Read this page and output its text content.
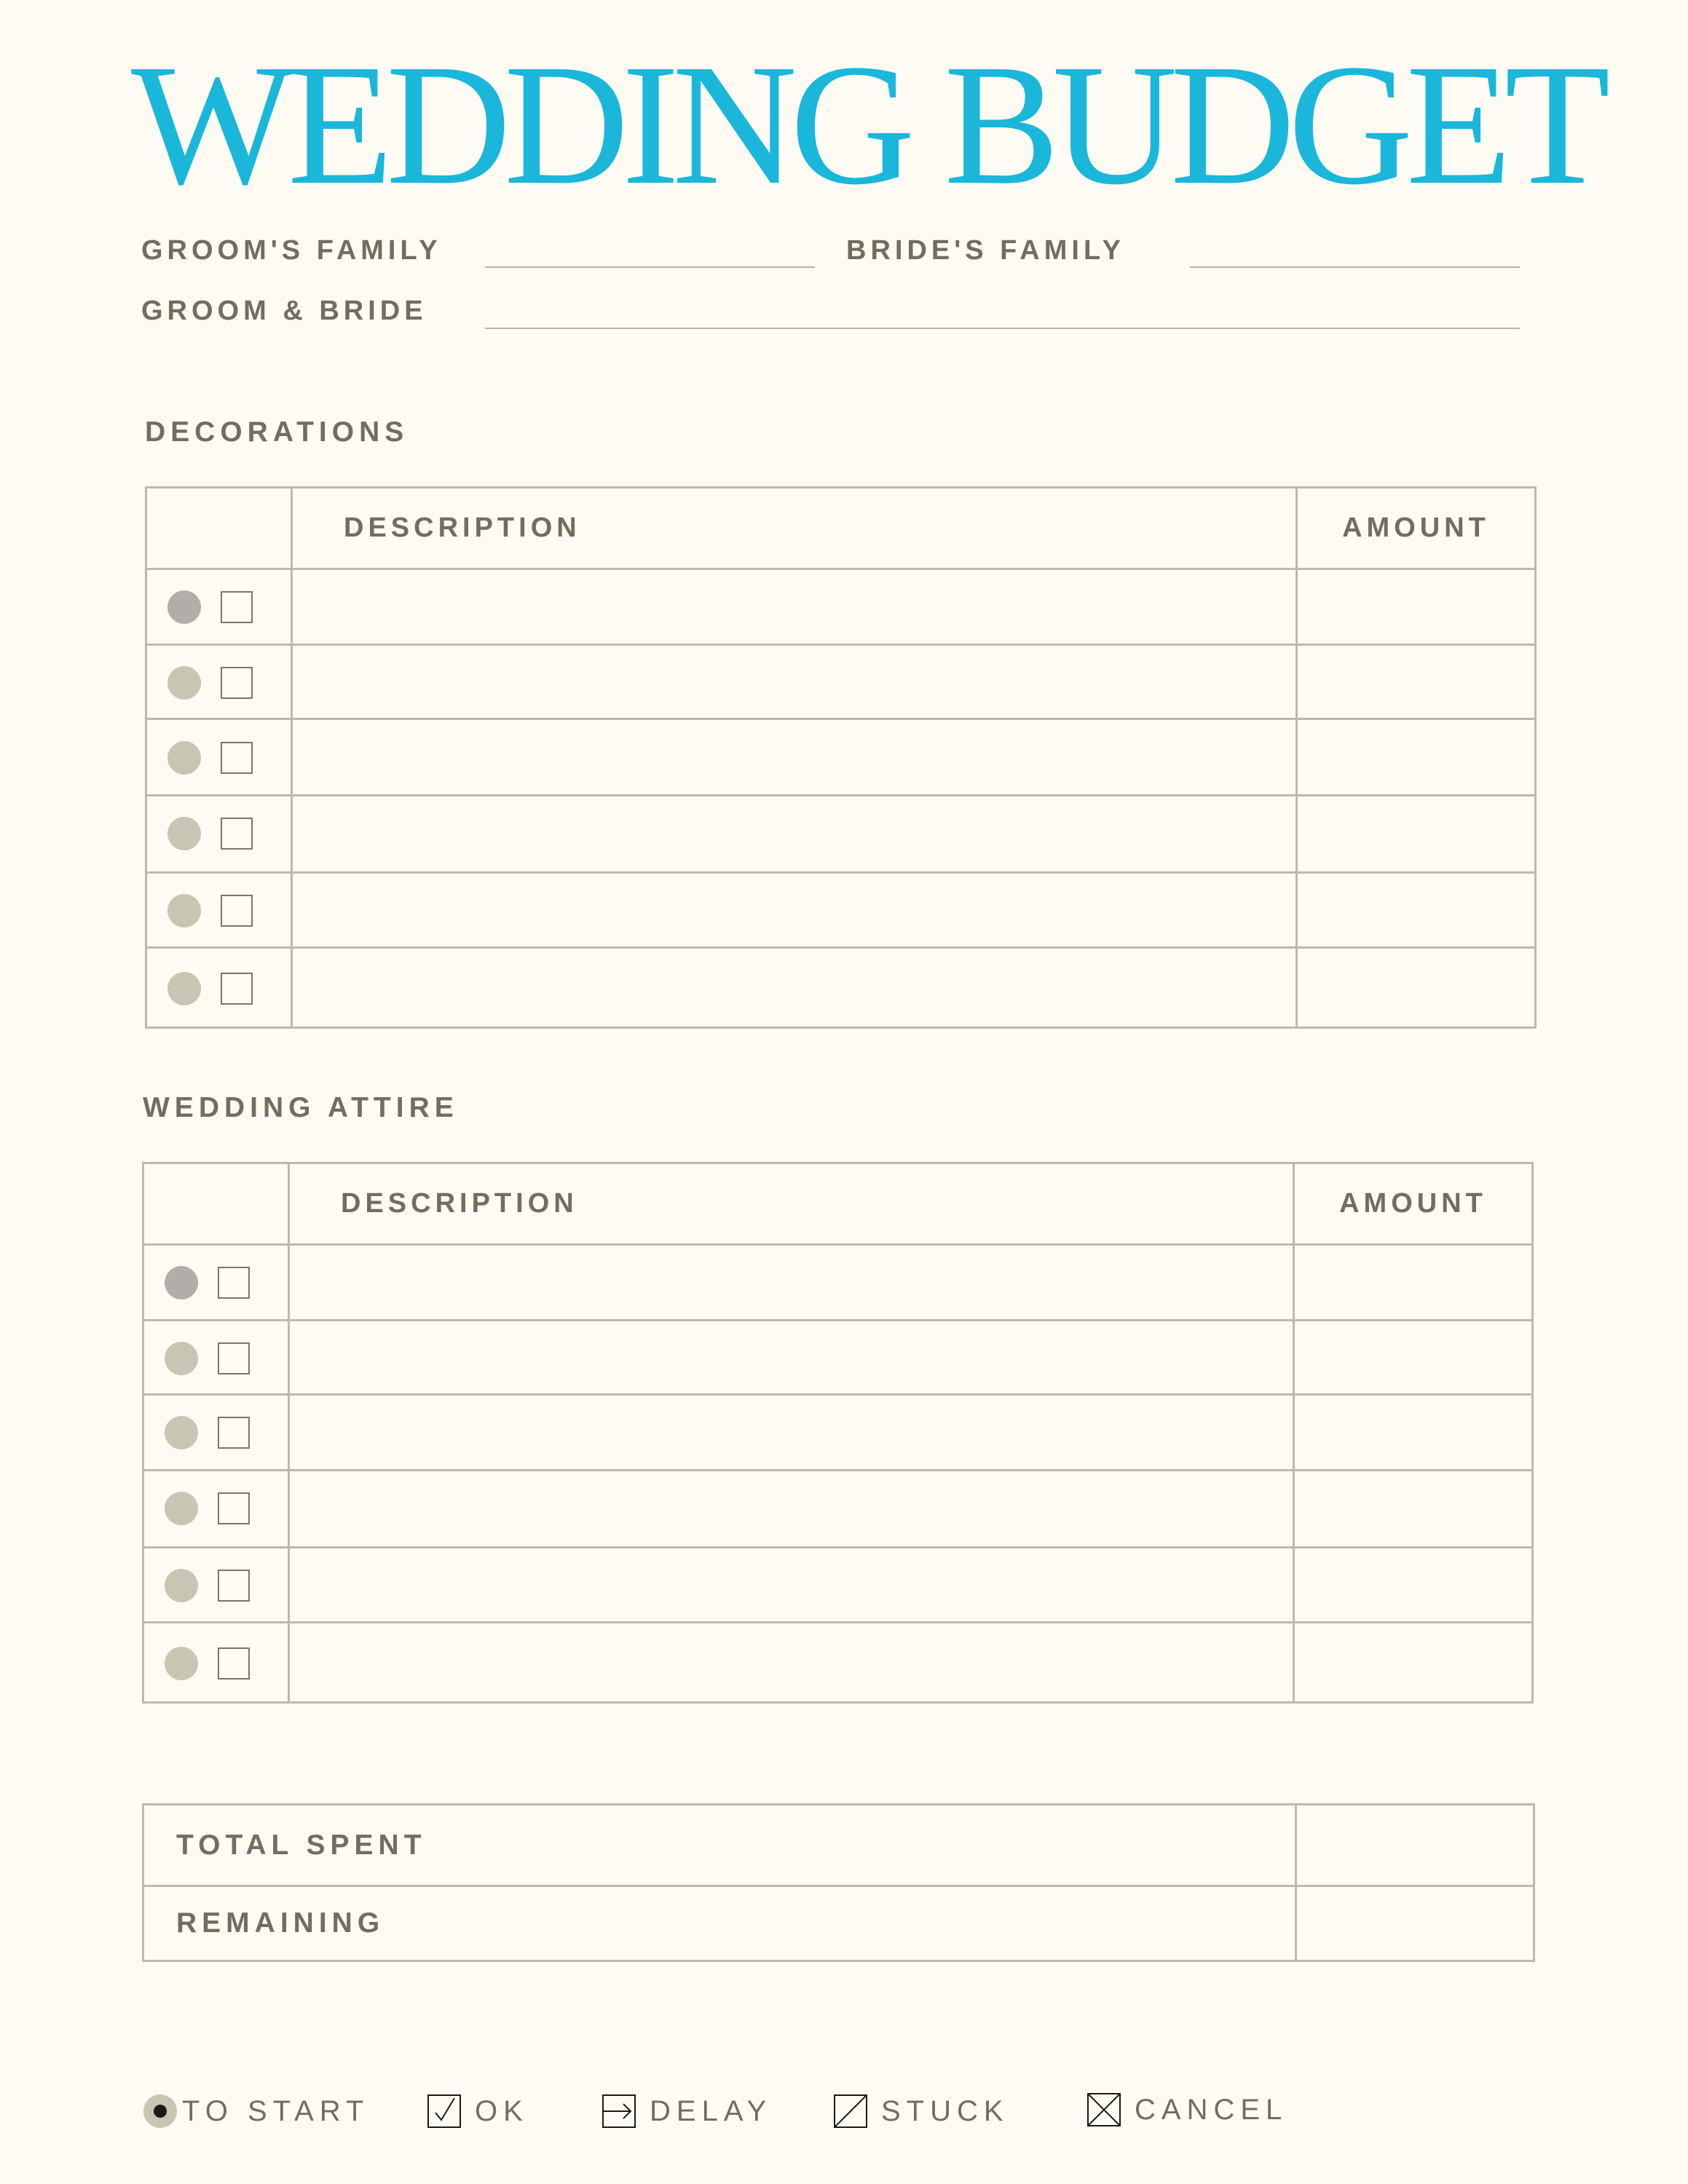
WEDDING BUDGET
GROOM'S FAMILY	BRIDE'S FAMILY
GROOM & BRIDE
DECORATIONS
	DESCRIPTION	AMOUNT

WEDDING ATTIRE
	DESCRIPTION	AMOUNT

TOTAL SPENT	
REMAINING	
TO START	OK	DELAY	STUCK	CANCEL
